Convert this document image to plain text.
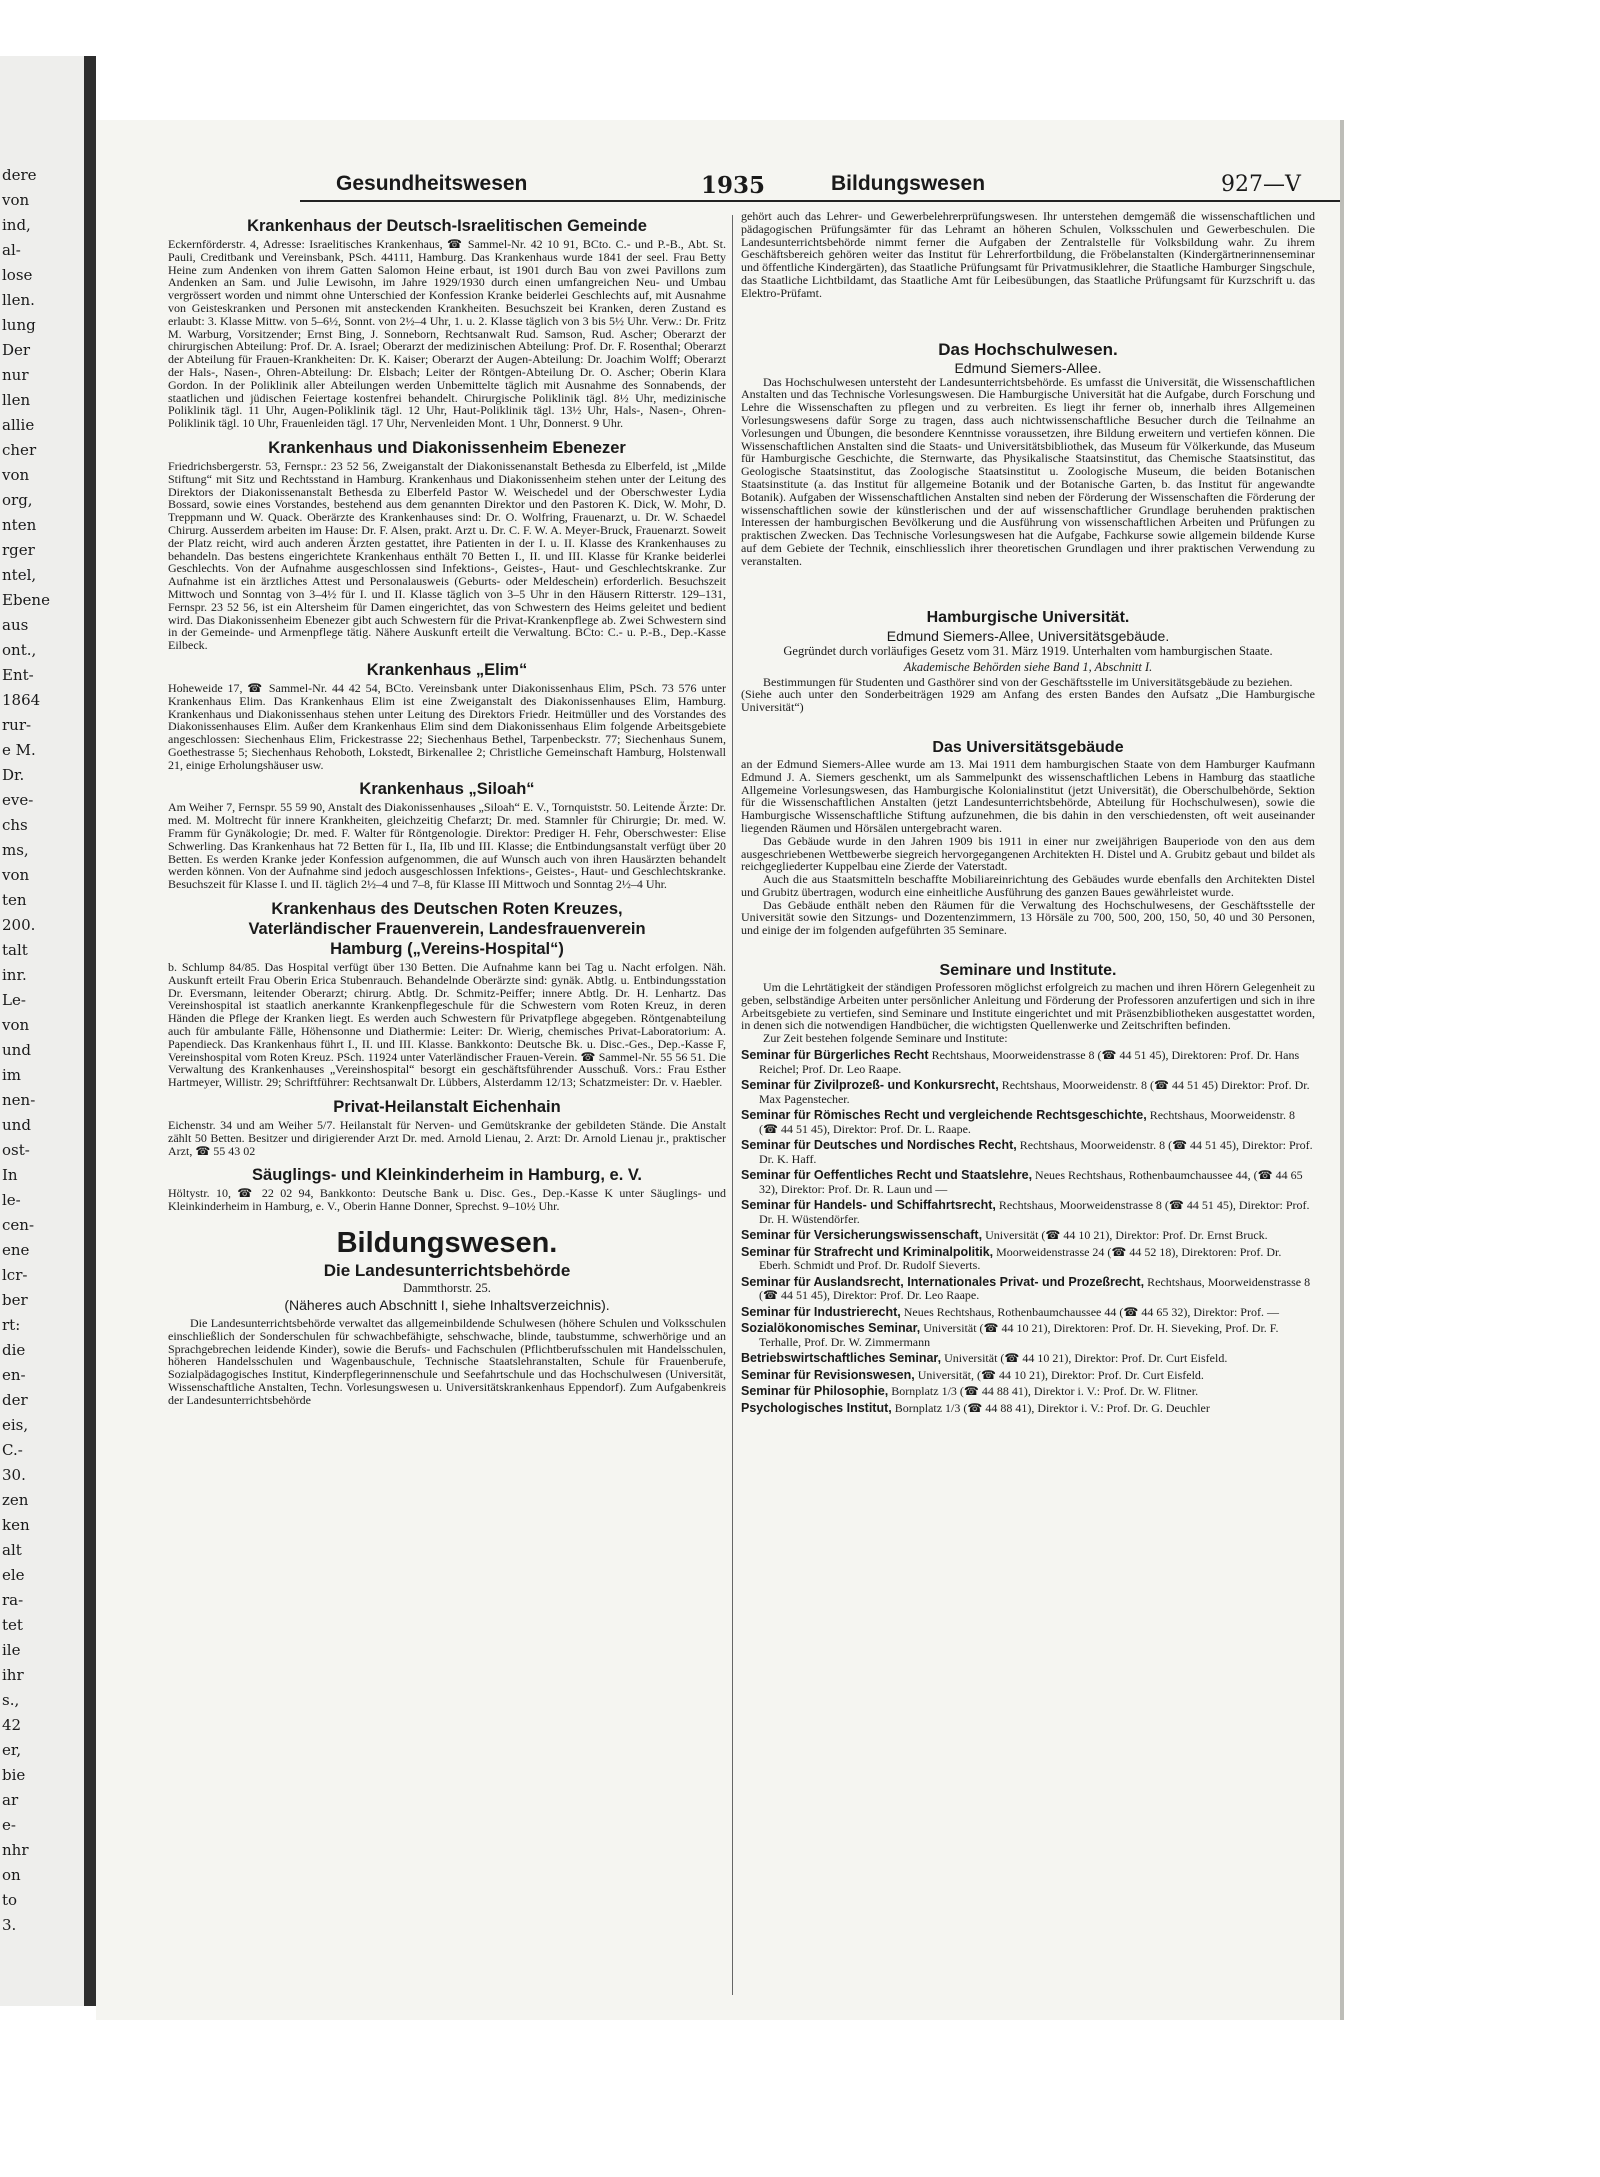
dere
von
ind,
al-
lose
llen.
lung
Der
nur
llen
allie
cher
von
org,
nten
rger
ntel,
Ebene
aus
ont.,
Ent-
1864
rur-
e M.
Dr.
eve-
chs
ms,
von
ten
200.
talt
inr.
Le-
von
und
im
nen-
und
ost-
In
le-
cen-
ene
lcr-
ber
rt:
die
en-
der
eis,
C.-
30.
zen
ken
alt
ele
ra-
tet
ile
ihr
s.,
42
er,
bie
ar
e-
nhr
on
to
3.
Gesundheitswesen	1935	Bildungswesen	927—V
Krankenhaus der Deutsch-Israelitischen Gemeinde

Eckernförderstr. 4, Adresse: Israelitisches Krankenhaus, ☎ Sammel-Nr. 42 10 91, BCto. C.- und P.-B., Abt. St. Pauli, Creditbank und Vereinsbank, PSch. 44111, Hamburg. Das Krankenhaus wurde 1841 der seel. Frau Betty Heine zum Andenken von ihrem Gatten Salomon Heine erbaut, ist 1901 durch Bau von zwei Pavillons zum Andenken an Sam. und Julie Lewisohn, im Jahre 1929/1930 durch einen umfangreichen Neu- und Umbau vergrössert worden und nimmt ohne Unterschied der Konfession Kranke beiderlei Geschlechts auf, mit Ausnahme von Geisteskranken und Personen mit ansteckenden Krankheiten. Besuchszeit bei Kranken, deren Zustand es erlaubt: 3. Klasse Mittw. von 5–6½, Sonnt. von 2½–4 Uhr, 1. u. 2. Klasse täglich von 3 bis 5½ Uhr. Verw.: Dr. Fritz M. Warburg, Vorsitzender; Ernst Bing, J. Sonneborn, Rechtsanwalt Rud. Samson, Rud. Ascher; Oberarzt der chirurgischen Abteilung: Prof. Dr. A. Israel; Oberarzt der medizinischen Abteilung: Prof. Dr. F. Rosenthal; Oberarzt der Abteilung für Frauen-Krankheiten: Dr. K. Kaiser; Oberarzt der Augen-Abteilung: Dr. Joachim Wolff; Oberarzt der Hals-, Nasen-, Ohren-Abteilung: Dr. Elsbach; Leiter der Röntgen-Abteilung Dr. O. Ascher; Oberin Klara Gordon. In der Poliklinik aller Abteilungen werden Unbemittelte täglich mit Ausnahme des Sonnabends, der staatlichen und jüdischen Feiertage kostenfrei behandelt. Chirurgische Poliklinik tägl. 8½ Uhr, medizinische Poliklinik tägl. 11 Uhr, Augen-Poliklinik tägl. 12 Uhr, Haut-Poliklinik tägl. 13½ Uhr, Hals-, Nasen-, Ohren-Poliklinik tägl. 10 Uhr, Frauenleiden tägl. 17 Uhr, Nervenleiden Mont. 1 Uhr, Donnerst. 9 Uhr.

Krankenhaus und Diakonissenheim Ebenezer

Friedrichsbergerstr. 53, Fernspr.: 23 52 56, Zweiganstalt der Diakonissenanstalt Bethesda zu Elberfeld, ist „Milde Stiftung“ mit Sitz und Rechtsstand in Hamburg. Krankenhaus und Diakonissenheim stehen unter der Leitung des Direktors der Diakonissenanstalt Bethesda zu Elberfeld Pastor W. Weischedel und der Oberschwester Lydia Bossard, sowie eines Vorstandes, bestehend aus dem genannten Direktor und den Pastoren K. Dick, W. Mohr, D. Treppmann und W. Quack. Oberärzte des Krankenhauses sind: Dr. O. Wolfring, Frauenarzt, u. Dr. W. Schaedel Chirurg. Ausserdem arbeiten im Hause: Dr. F. Alsen, prakt. Arzt u. Dr. C. F. W. A. Meyer-Bruck, Frauenarzt. Soweit der Platz reicht, wird auch anderen Ärzten gestattet, ihre Patienten in der I. u. II. Klasse des Krankenhauses zu behandeln. Das bestens eingerichtete Krankenhaus enthält 70 Betten I., II. und III. Klasse für Kranke beiderlei Geschlechts. Von der Aufnahme ausgeschlossen sind Infektions-, Geistes-, Haut- und Geschlechtskranke. Zur Aufnahme ist ein ärztliches Attest und Personalausweis (Geburts- oder Meldeschein) erforderlich. Besuchszeit Mittwoch und Sonntag von 3–4½ für I. und II. Klasse täglich von 3–5 Uhr in den Häusern Ritterstr. 129–131, Fernspr. 23 52 56, ist ein Altersheim für Damen eingerichtet, das von Schwestern des Heims geleitet und bedient wird. Das Diakonissenheim Ebenezer gibt auch Schwestern für die Privat-Krankenpflege ab. Zwei Schwestern sind in der Gemeinde- und Armenpflege tätig. Nähere Auskunft erteilt die Verwaltung. BCto: C.- u. P.-B., Dep.-Kasse Eilbeck.

Krankenhaus „Elim“

Hoheweide 17, ☎ Sammel-Nr. 44 42 54, BCto. Vereinsbank unter Diakonissenhaus Elim, PSch. 73 576 unter Krankenhaus Elim. Das Krankenhaus Elim ist eine Zweiganstalt des Diakonissenhauses Elim, Hamburg. Krankenhaus und Diakonissenhaus stehen unter Leitung des Direktors Friedr. Heitmüller und des Vorstandes des Diakonissenhauses Elim. Außer dem Krankenhaus Elim sind dem Diakonissenhaus Elim folgende Arbeitsgebiete angeschlossen: Siechenhaus Elim, Frickestrasse 22; Siechenhaus Bethel, Tarpenbeckstr. 77; Siechenhaus Sunem, Goethestrasse 5; Siechenhaus Rehoboth, Lokstedt, Birkenallee 2; Christliche Gemeinschaft Hamburg, Holstenwall 21, einige Erholungshäuser usw.

Krankenhaus „Siloah“

Am Weiher 7, Fernspr. 55 59 90, Anstalt des Diakonissenhauses „Siloah“ E. V., Tornquiststr. 50. Leitende Ärzte: Dr. med. M. Moltrecht für innere Krankheiten, gleichzeitig Chefarzt; Dr. med. Stamnler für Chirurgie; Dr. med. W. Framm für Gynäkologie; Dr. med. F. Walter für Röntgenologie. Direktor: Prediger H. Fehr, Oberschwester: Elise Schwerling. Das Krankenhaus hat 72 Betten für I., IIa, IIb und III. Klasse; die Entbindungsanstalt verfügt über 20 Betten. Es werden Kranke jeder Konfession aufgenommen, die auf Wunsch auch von ihren Hausärzten behandelt werden können. Von der Aufnahme sind jedoch ausgeschlossen Infektions-, Geistes-, Haut- und Geschlechtskranke. Besuchszeit für Klasse I. und II. täglich 2½–4 und 7–8, für Klasse III Mittwoch und Sonntag 2½–4 Uhr.

Krankenhaus des Deutschen Roten Kreuzes,
Vaterländischer Frauenverein, Landesfrauenverein
Hamburg („Vereins-Hospital“)

b. Schlump 84/85. Das Hospital verfügt über 130 Betten. Die Aufnahme kann bei Tag u. Nacht erfolgen. Näh. Auskunft erteilt Frau Oberin Erica Stubenrauch. Behandelnde Oberärzte sind: gynäk. Abtlg. u. Entbindungsstation Dr. Eversmann, leitender Oberarzt; chirurg. Abtlg. Dr. Schmitz-Peiffer; innere Abtlg. Dr. H. Lenhartz. Das Vereinshospital ist staatlich anerkannte Krankenpflegeschule für die Schwestern vom Roten Kreuz, in deren Händen die Pflege der Kranken liegt. Es werden auch Schwestern für Privatpflege abgegeben. Röntgenabteilung auch für ambulante Fälle, Höhensonne und Diathermie: Leiter: Dr. Wierig, chemisches Privat-Laboratorium: A. Papendieck. Das Krankenhaus führt I., II. und III. Klasse. Bankkonto: Deutsche Bk. u. Disc.-Ges., Dep.-Kasse F, Vereinshospital vom Roten Kreuz. PSch. 11924 unter Vaterländischer Frauen-Verein. ☎ Sammel-Nr. 55 56 51. Die Verwaltung des Krankenhauses „Vereinshospital“ besorgt ein geschäftsführender Ausschuß. Vors.: Frau Esther Hartmeyer, Willistr. 29; Schriftführer: Rechtsanwalt Dr. Lübbers, Alsterdamm 12/13; Schatzmeister: Dr. v. Haebler.

Privat-Heilanstalt Eichenhain

Eichenstr. 34 und am Weiher 5/7. Heilanstalt für Nerven- und Gemütskranke der gebildeten Stände. Die Anstalt zählt 50 Betten. Besitzer und dirigierender Arzt Dr. med. Arnold Lienau, 2. Arzt: Dr. Arnold Lienau jr., praktischer Arzt, ☎ 55 43 02

Säuglings- und Kleinkinderheim in Hamburg, e. V.

Höltystr. 10, ☎ 22 02 94, Bankkonto: Deutsche Bank u. Disc. Ges., Dep.-Kasse K unter Säuglings- und Kleinkinderheim in Hamburg, e. V., Oberin Hanne Donner, Sprechst. 9–10½ Uhr.

Bildungswesen.
Die Landesunterrichtsbehörde
Dammthorstr. 25.
(Näheres auch Abschnitt I, siehe Inhaltsverzeichnis).

Die Landesunterrichtsbehörde verwaltet das allgemeinbildende Schulwesen (höhere Schulen und Volksschulen einschließlich der Sonderschulen für schwachbefähigte, sehschwache, blinde, taubstumme, schwerhörige und an Sprachgebrechen leidende Kinder), sowie die Berufs- und Fachschulen (Pflichtberufsschulen mit Handelsschulen, höheren Handelsschulen und Wagenbauschule, Technische Staatslehranstalten, Schule für Frauenberufe, Sozialpädagogisches Institut, Kinderpflegerinnenschule und Seefahrtschule und das Hochschulwesen (Universität, Wissenschaftliche Anstalten, Techn. Vorlesungswesen u. Universitätskrankenhaus Eppendorf). Zum Aufgabenkreis der Landesunterrichtsbehörde

gehört auch das Lehrer- und Gewerbelehrerprüfungswesen. Ihr unterstehen demgemäß die wissenschaftlichen und pädagogischen Prüfungsämter für das Lehramt an höheren Schulen, Volksschulen und Gewerbeschulen. Die Landesunterrichtsbehörde nimmt ferner die Aufgaben der Zentralstelle für Volksbildung wahr. Zu ihrem Geschäftsbereich gehören weiter das Institut für Lehrerfortbildung, die Fröbelanstalten (Kindergärtnerinnenseminar und öffentliche Kindergärten), das Staatliche Prüfungsamt für Privatmusiklehrer, die Staatliche Hamburger Singschule, das Staatliche Lichtbildamt, das Staatliche Amt für Leibesübungen, das Staatliche Prüfungsamt für Kurzschrift u. das Elektro-Prüfamt.

Das Hochschulwesen.
Edmund Siemers-Allee.

Das Hochschulwesen untersteht der Landesunterrichtsbehörde. Es umfasst die Universität, die Wissenschaftlichen Anstalten und das Technische Vorlesungswesen. Die Hamburgische Universität hat die Aufgabe, durch Forschung und Lehre die Wissenschaften zu pflegen und zu verbreiten. Es liegt ihr ferner ob, innerhalb ihres Allgemeinen Vorlesungswesens dafür Sorge zu tragen, dass auch nichtwissenschaftliche Besucher durch die Teilnahme an Vorlesungen und Übungen, die besondere Kenntnisse voraussetzen, ihre Bildung erweitern und vertiefen können. Die Wissenschaftlichen Anstalten sind die Staats- und Universitätsbibliothek, das Museum für Völkerkunde, das Museum für Hamburgische Geschichte, die Sternwarte, das Physikalische Staatsinstitut, das Chemische Staatsinstitut, das Geologische Staatsinstitut, das Zoologische Staatsinstitut u. Zoologische Museum, die beiden Botanischen Staatsinstitute (a. das Institut für allgemeine Botanik und der Botanische Garten, b. das Institut für angewandte Botanik). Aufgaben der Wissenschaftlichen Anstalten sind neben der Förderung der Wissenschaften die Förderung der wissenschaftlichen sowie der künstlerischen und der auf wissenschaftlicher Grundlage beruhenden praktischen Interessen der hamburgischen Bevölkerung und die Ausführung von wissenschaftlichen Arbeiten und Prüfungen zu praktischen Zwecken. Das Technische Vorlesungswesen hat die Aufgabe, Fachkurse sowie allgemein bildende Kurse auf dem Gebiete der Technik, einschliesslich ihrer theoretischen Grundlagen und ihrer praktischen Verwendung zu veranstalten.

Hamburgische Universität.
Edmund Siemers-Allee, Universitätsgebäude.

Gegründet durch vorläufiges Gesetz vom 31. März 1919. Unterhalten vom hamburgischen Staate.

Akademische Behörden siehe Band 1, Abschnitt I.

Bestimmungen für Studenten und Gasthörer sind von der Geschäftsstelle im Universitätsgebäude zu beziehen.

(Siehe auch unter den Sonderbeiträgen 1929 am Anfang des ersten Bandes den Aufsatz „Die Hamburgische Universität“)

Das Universitätsgebäude

an der Edmund Siemers-Allee wurde am 13. Mai 1911 dem hamburgischen Staate von dem Hamburger Kaufmann Edmund J. A. Siemers geschenkt, um als Sammelpunkt des wissenschaftlichen Lebens in Hamburg das staatliche Allgemeine Vorlesungswesen, das Hamburgische Kolonialinstitut (jetzt Universität), die Oberschulbehörde, Sektion für die Wissenschaftlichen Anstalten (jetzt Landesunterrichtsbehörde, Abteilung für Hochschulwesen), sowie die Hamburgische Wissenschaftliche Stiftung aufzunehmen, die bis dahin in den verschiedensten, oft weit auseinander liegenden Räumen und Hörsälen untergebracht waren.

Das Gebäude wurde in den Jahren 1909 bis 1911 in einer nur zweijährigen Bauperiode von den aus dem ausgeschriebenen Wettbewerbe siegreich hervorgegangenen Architekten H. Distel und A. Grubitz gebaut und bildet als reichgegliederter Kuppelbau eine Zierde der Vaterstadt.

Auch die aus Staatsmitteln beschaffte Mobiliareinrichtung des Gebäudes wurde ebenfalls den Architekten Distel und Grubitz übertragen, wodurch eine einheitliche Ausführung des ganzen Baues gewährleistet wurde.

Das Gebäude enthält neben den Räumen für die Verwaltung des Hochschulwesens, der Geschäftsstelle der Universität sowie den Sitzungs- und Dozentenzimmern, 13 Hörsäle zu 700, 500, 200, 150, 50, 40 und 30 Personen, und einige der im folgenden aufgeführten 35 Seminare.

Seminare und Institute.

Um die Lehrtätigkeit der ständigen Professoren möglichst erfolgreich zu machen und ihren Hörern Gelegenheit zu geben, selbständige Arbeiten unter persönlicher Anleitung und Förderung der Professoren anzufertigen und sich in ihre Arbeitsgebiete zu vertiefen, sind Seminare und Institute eingerichtet und mit Präsenzbibliotheken ausgestattet worden, in denen sich die notwendigen Handbücher, die wichtigsten Quellenwerke und Zeitschriften befinden.

Zur Zeit bestehen folgende Seminare und Institute:

Seminar für Bürgerliches Recht Rechtshaus, Moorweidenstrasse 8 (☎ 44 51 45), Direktoren: Prof. Dr. Hans Reichel; Prof. Dr. Leo Raape.
Seminar für Zivilprozeß- und Konkursrecht, Rechtshaus, Moorweidenstr. 8 (☎ 44 51 45) Direktor: Prof. Dr. Max Pagenstecher.
Seminar für Römisches Recht und vergleichende Rechtsgeschichte, Rechtshaus, Moorweidenstr. 8 (☎ 44 51 45), Direktor: Prof. Dr. L. Raape.
Seminar für Deutsches und Nordisches Recht, Rechtshaus, Moorweidenstr. 8 (☎ 44 51 45), Direktor: Prof. Dr. K. Haff.
Seminar für Oeffentliches Recht und Staatslehre, Neues Rechtshaus, Rothenbaumchaussee 44, (☎ 44 65 32), Direktor: Prof. Dr. R. Laun und —
Seminar für Handels- und Schiffahrtsrecht, Rechtshaus, Moorweidenstrasse 8 (☎ 44 51 45), Direktor: Prof. Dr. H. Wüstendörfer.
Seminar für Versicherungswissenschaft, Universität (☎ 44 10 21), Direktor: Prof. Dr. Ernst Bruck.
Seminar für Strafrecht und Kriminalpolitik, Moorweidenstrasse 24 (☎ 44 52 18), Direktoren: Prof. Dr. Eberh. Schmidt und Prof. Dr. Rudolf Sieverts.
Seminar für Auslandsrecht, Internationales Privat- und Prozeßrecht, Rechtshaus, Moorweidenstrasse 8 (☎ 44 51 45), Direktor: Prof. Dr. Leo Raape.
Seminar für Industrierecht, Neues Rechtshaus, Rothenbaumchaussee 44 (☎ 44 65 32), Direktor: Prof. —
Sozialökonomisches Seminar, Universität (☎ 44 10 21), Direktoren: Prof. Dr. H. Sieveking, Prof. Dr. F. Terhalle, Prof. Dr. W. Zimmermann
Betriebswirtschaftliches Seminar, Universität (☎ 44 10 21), Direktor: Prof. Dr. Curt Eisfeld.
Seminar für Revisionswesen, Universität, (☎ 44 10 21), Direktor: Prof. Dr. Curt Eisfeld.
Seminar für Philosophie, Bornplatz 1/3 (☎ 44 88 41), Direktor i. V.: Prof. Dr. W. Flitner.
Psychologisches Institut, Bornplatz 1/3 (☎ 44 88 41), Direktor i. V.: Prof. Dr. G. Deuchler
